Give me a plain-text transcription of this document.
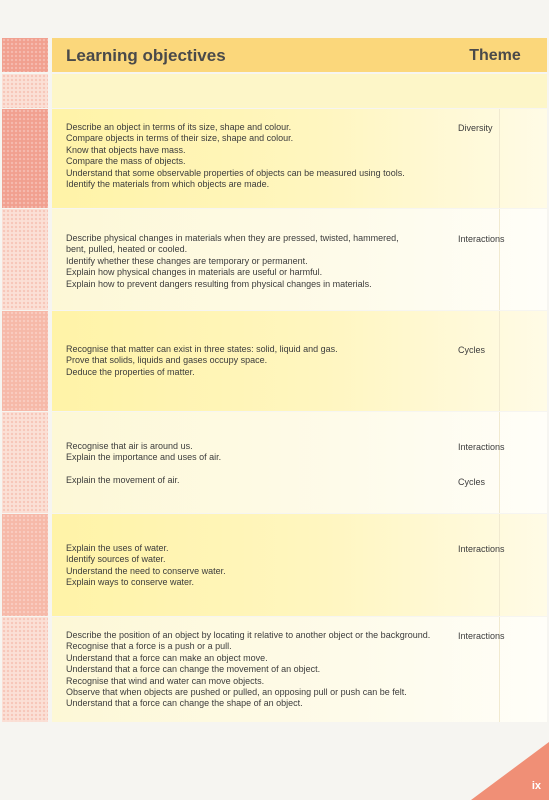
Learning objectives	Theme
Describe an object in terms of its size, shape and colour.
Compare objects in terms of their size, shape and colour.
Know that objects have mass.
Compare the mass of objects.
Understand that some observable properties of objects can be measured using tools.
Identify the materials from which objects are made.
Diversity
Describe physical changes in materials when they are pressed, twisted, hammered,
bent, pulled, heated or cooled.
Identify whether these changes are temporary or permanent.
Explain how physical changes in materials are useful or harmful.
Explain how to prevent dangers resulting from physical changes in materials.
Interactions
Recognise that matter can exist in three states: solid, liquid and gas.
Prove that solids, liquids and gases occupy space.
Deduce the properties of matter.
Cycles
Recognise that air is around us.
Explain the importance and uses of air.
Explain the movement of air.
Interactions
Cycles
Explain the uses of water.
Identify sources of water.
Understand the need to conserve water.
Explain ways to conserve water.
Interactions
Describe the position of an object by locating it relative to another object or the background.
Recognise that a force is a push or a pull.
Understand that a force can make an object move.
Understand that a force can change the movement of an object.
Recognise that wind and water can move objects.
Observe that when objects are pushed or pulled, an opposing pull or push can be felt.
Understand that a force can change the shape of an object.
Interactions
ix
